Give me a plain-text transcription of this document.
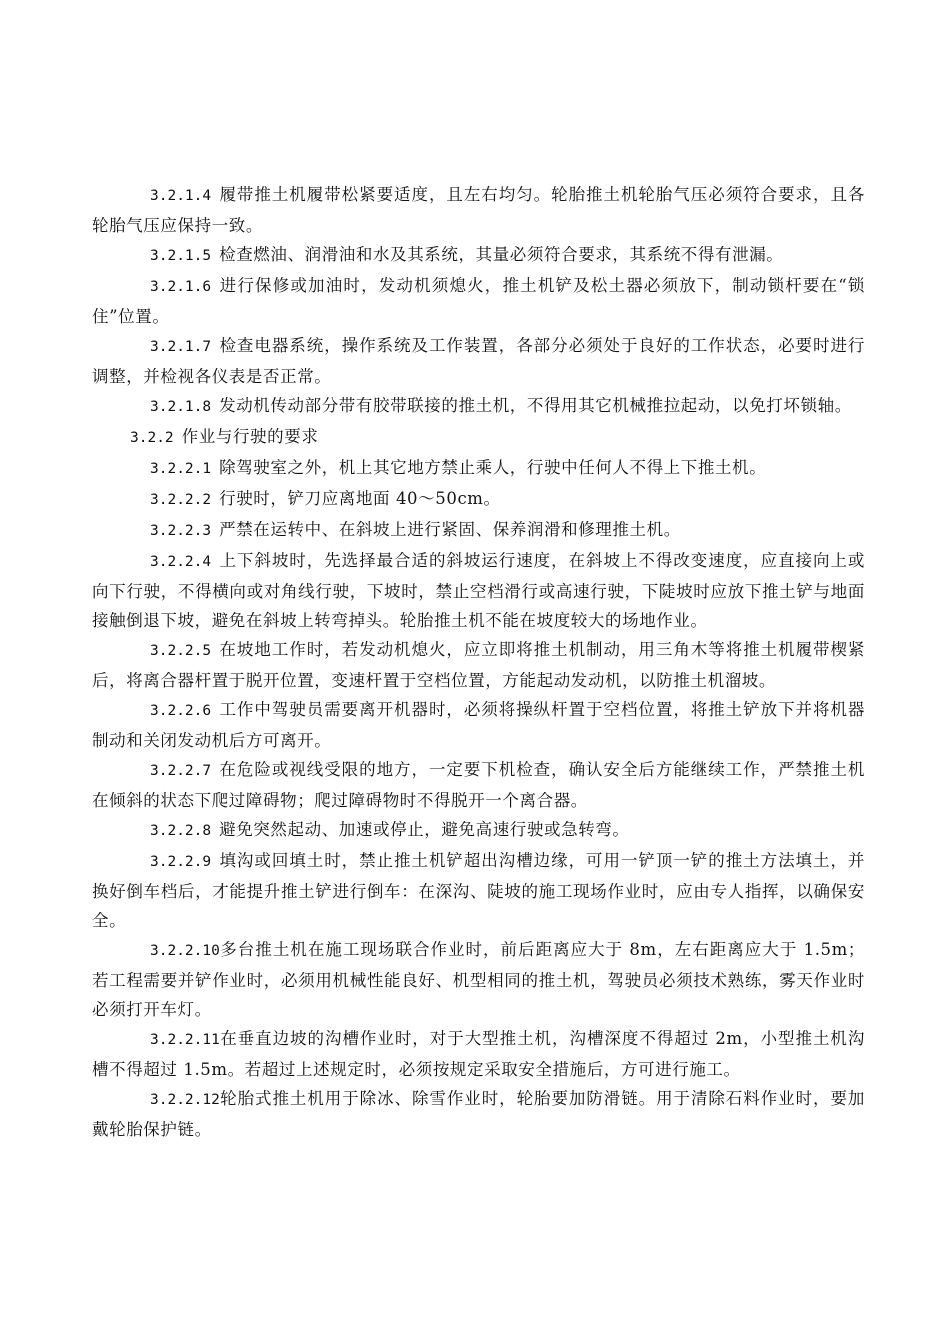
3.2.1.4 履带推土机履带松紧要适度，且左右均匀。轮胎推土机轮胎气压必须符合要求，且各轮胎气压应保持一致。

3.2.1.5 检查燃油、润滑油和水及其系统，其量必须符合要求，其系统不得有泄漏。

3.2.1.6 进行保修或加油时，发动机须熄火，推土机铲及松土器必须放下，制动锁杆要在“锁住”位置。

3.2.1.7 检查电器系统，操作系统及工作装置，各部分必须处于良好的工作状态，必要时进行调整，并检视各仪表是否正常。

3.2.1.8 发动机传动部分带有胶带联接的推土机，不得用其它机械推拉起动，以免打坏锁轴。

3.2.2 作业与行驶的要求

3.2.2.1 除驾驶室之外，机上其它地方禁止乘人，行驶中任何人不得上下推土机。

3.2.2.2 行驶时，铲刀应离地面 40～50cm。

3.2.2.3 严禁在运转中、在斜坡上进行紧固、保养润滑和修理推土机。

3.2.2.4 上下斜坡时，先选择最合适的斜坡运行速度，在斜坡上不得改变速度，应直接向上或向下行驶，不得横向或对角线行驶，下坡时，禁止空档滑行或高速行驶，下陡坡时应放下推土铲与地面接触倒退下坡，避免在斜坡上转弯掉头。轮胎推土机不能在坡度较大的场地作业。

3.2.2.5 在坡地工作时，若发动机熄火，应立即将推土机制动，用三角木等将推土机履带楔紧后，将离合器杆置于脱开位置，变速杆置于空档位置，方能起动发动机，以防推土机溜坡。

3.2.2.6 工作中驾驶员需要离开机器时，必须将操纵杆置于空档位置，将推土铲放下并将机器制动和关闭发动机后方可离开。

3.2.2.7 在危险或视线受限的地方，一定要下机检查，确认安全后方能继续工作，严禁推土机在倾斜的状态下爬过障碍物；爬过障碍物时不得脱开一个离合器。

3.2.2.8 避免突然起动、加速或停止，避免高速行驶或急转弯。

3.2.2.9 填沟或回填土时，禁止推土机铲超出沟槽边缘，可用一铲顶一铲的推土方法填土，并换好倒车档后，才能提升推土铲进行倒车：在深沟、陡坡的施工现场作业时，应由专人指挥，以确保安全。

3.2.2.10多台推土机在施工现场联合作业时，前后距离应大于 8m，左右距离应大于 1.5m；若工程需要并铲作业时，必须用机械性能良好、机型相同的推土机，驾驶员必须技术熟练，雾天作业时必须打开车灯。

3.2.2.11在垂直边坡的沟槽作业时，对于大型推土机，沟槽深度不得超过 2m，小型推土机沟槽不得超过 1.5m。若超过上述规定时，必须按规定采取安全措施后，方可进行施工。

3.2.2.12轮胎式推土机用于除冰、除雪作业时，轮胎要加防滑链。用于清除石料作业时，要加戴轮胎保护链。
